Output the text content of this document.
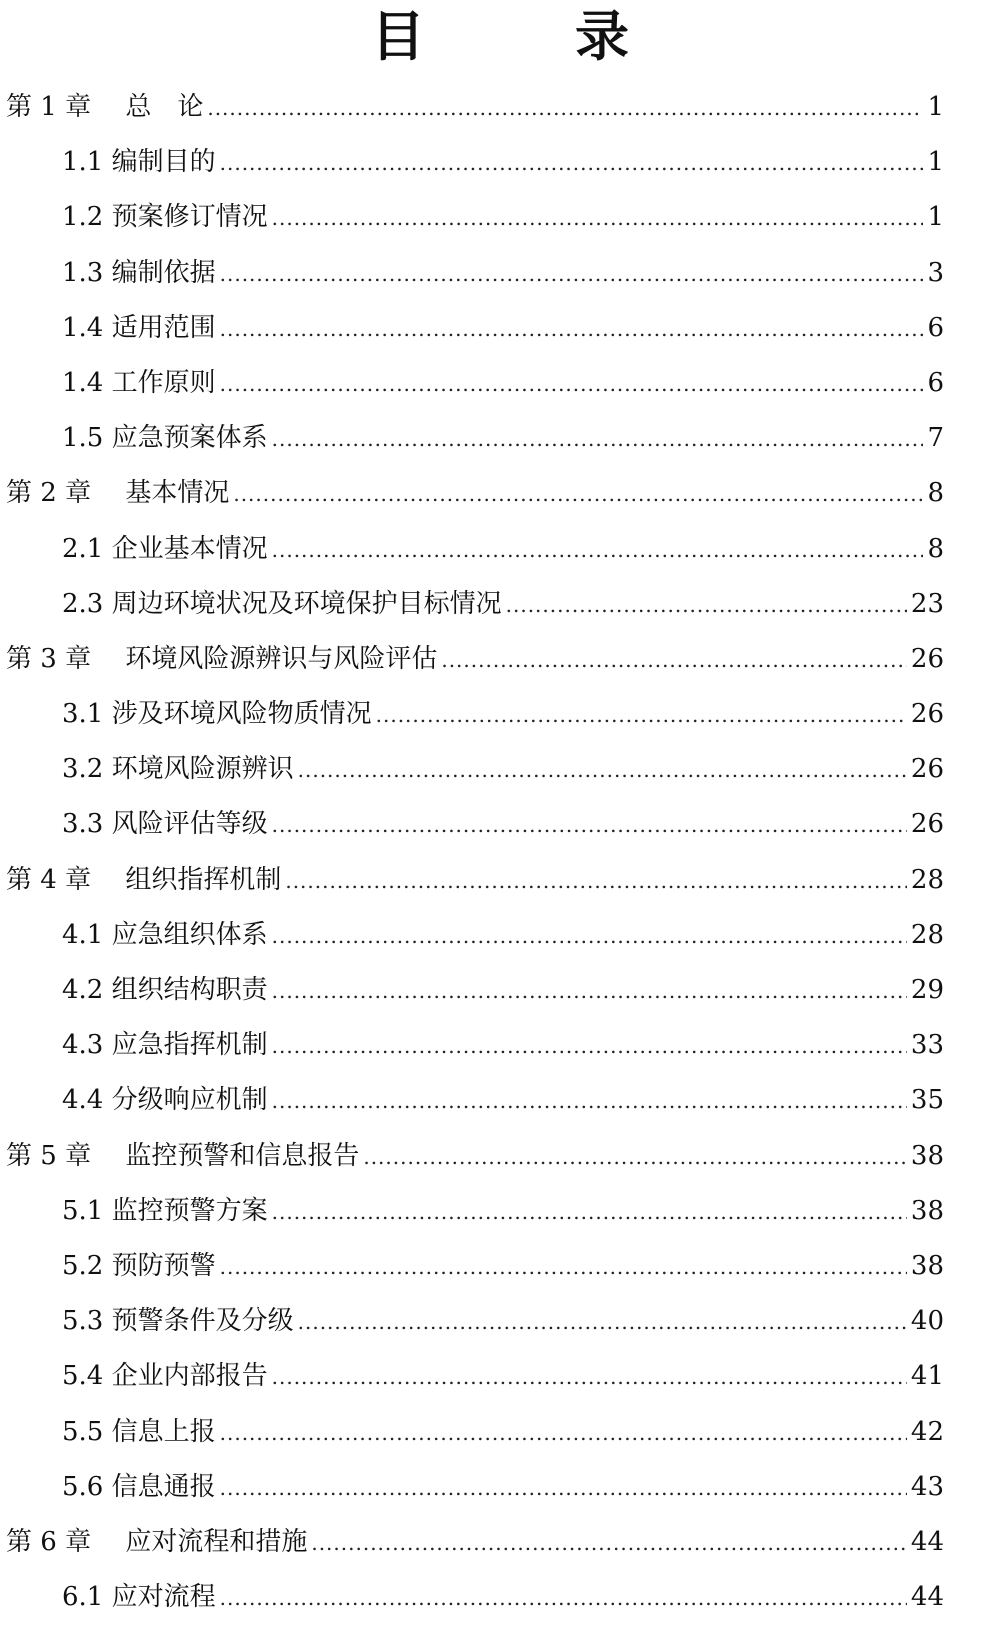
目　录
第 1 章　 总　论 .....	1
1.1 编制目的 .....	1
1.2 预案修订情况 .....	1
1.3 编制依据 .....	3
1.4 适用范围 .....	6
1.4 工作原则 .....	6
1.5 应急预案体系 .....	7
第 2 章　 基本情况 .....	8
2.1 企业基本情况 .....	8
2.3 周边环境状况及环境保护目标情况 .....	23
第 3 章　 环境风险源辨识与风险评估 .....	26
3.1 涉及环境风险物质情况 .....	26
3.2 环境风险源辨识 .....	26
3.3 风险评估等级 .....	26
第 4 章　 组织指挥机制 .....	28
4.1 应急组织体系 .....	28
4.2 组织结构职责 .....	29
4.3 应急指挥机制 .....	33
4.4 分级响应机制 .....	35
第 5 章　 监控预警和信息报告 .....	38
5.1 监控预警方案 .....	38
5.2 预防预警 .....	38
5.3 预警条件及分级 .....	40
5.4 企业内部报告 .....	41
5.5 信息上报 .....	42
5.6 信息通报 .....	43
第 6 章　 应对流程和措施 .....	44
6.1 应对流程 .....	44
